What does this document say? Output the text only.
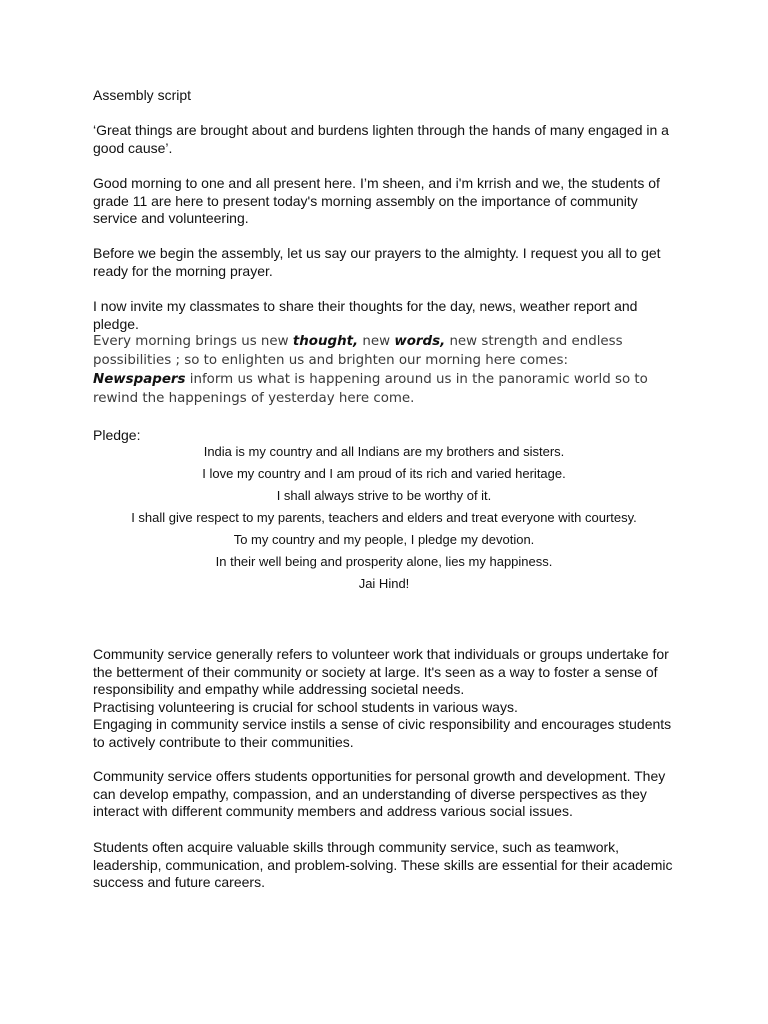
Assembly script
‘Great things are brought about and burdens lighten through the hands of many engaged in a good cause’.
Good morning to one and all present here. I’m sheen, and i'm krrish and we, the students of grade 11 are here to present today's morning assembly on the importance of community service and volunteering.
Before we begin the assembly, let us say our prayers to the almighty. I request you all to get ready for the morning prayer.
I now invite my classmates to share their thoughts for the day, news, weather report and pledge.
Every morning brings us new thought, new words, new strength and endless possibilities ; so to enlighten us and brighten our morning here comes:
Newspapers inform us what is happening around us in the panoramic world so to rewind the happenings of yesterday here come.
Pledge:
India is my country and all Indians are my brothers and sisters.
I love my country and I am proud of its rich and varied heritage.
I shall always strive to be worthy of it.
I shall give respect to my parents, teachers and elders and treat everyone with courtesy.
To my country and my people, I pledge my devotion.
In their well being and prosperity alone, lies my happiness.
Jai Hind!

Community service generally refers to volunteer work that individuals or groups undertake for the betterment of their community or society at large. It's seen as a way to foster a sense of responsibility and empathy while addressing societal needs.

Practising volunteering is crucial for school students in various ways.

Engaging in community service instils a sense of civic responsibility and encourages students to actively contribute to their communities.

Community service offers students opportunities for personal growth and development. They can develop empathy, compassion, and an understanding of diverse perspectives as they interact with different community members and address various social issues.
Students often acquire valuable skills through community service, such as teamwork, leadership, communication, and problem-solving. These skills are essential for their academic success and future careers.
